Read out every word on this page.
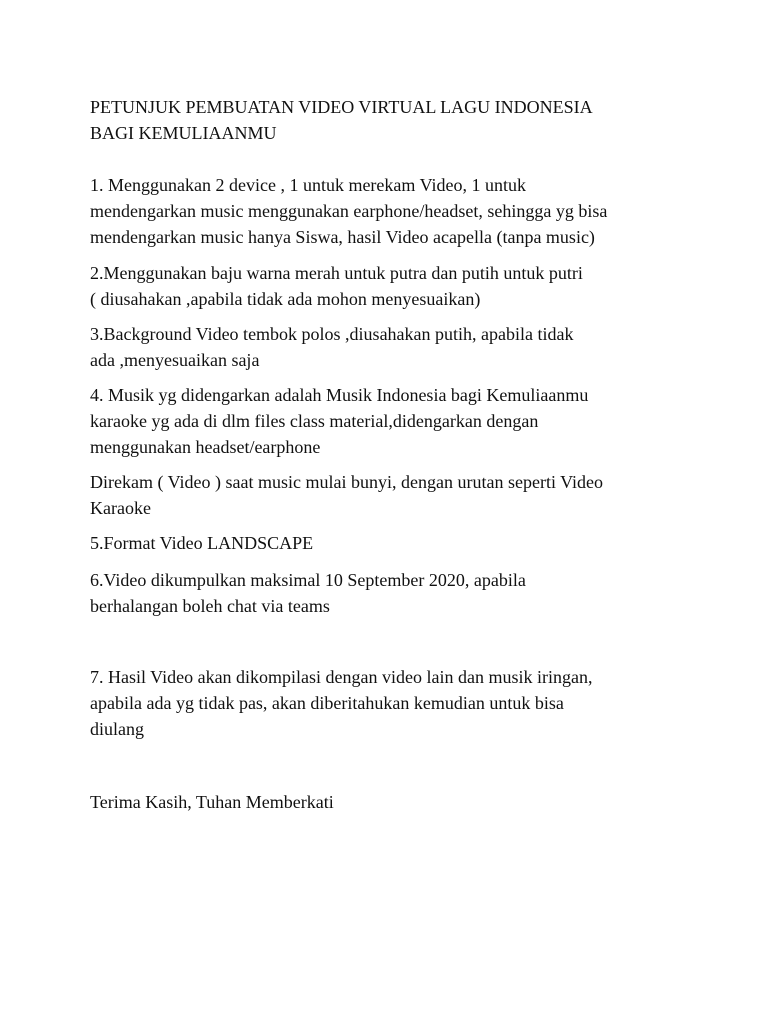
PETUNJUK PEMBUATAN VIDEO VIRTUAL LAGU INDONESIA

BAGI KEMULIAANMU

1. Menggunakan 2 device , 1 untuk merekam Video, 1 untuk

mendengarkan music menggunakan earphone/headset, sehingga yg bisa

mendengarkan music hanya Siswa, hasil Video acapella (tanpa music)

2.Menggunakan baju warna merah untuk putra dan putih untuk putri

( diusahakan ,apabila tidak ada mohon menyesuaikan)

3.Background Video tembok polos ,diusahakan putih, apabila tidak

ada ,menyesuaikan saja

4. Musik yg didengarkan adalah Musik Indonesia bagi Kemuliaanmu

karaoke yg ada di dlm files class material,didengarkan dengan

menggunakan headset/earphone

Direkam ( Video ) saat music mulai bunyi, dengan urutan seperti Video

Karaoke

5.Format Video LANDSCAPE

6.Video dikumpulkan maksimal 10 September 2020, apabila

berhalangan boleh chat via teams

7. Hasil Video akan dikompilasi dengan video lain dan musik iringan,

apabila ada yg tidak pas, akan diberitahukan kemudian untuk bisa

diulang

Terima Kasih, Tuhan Memberkati
